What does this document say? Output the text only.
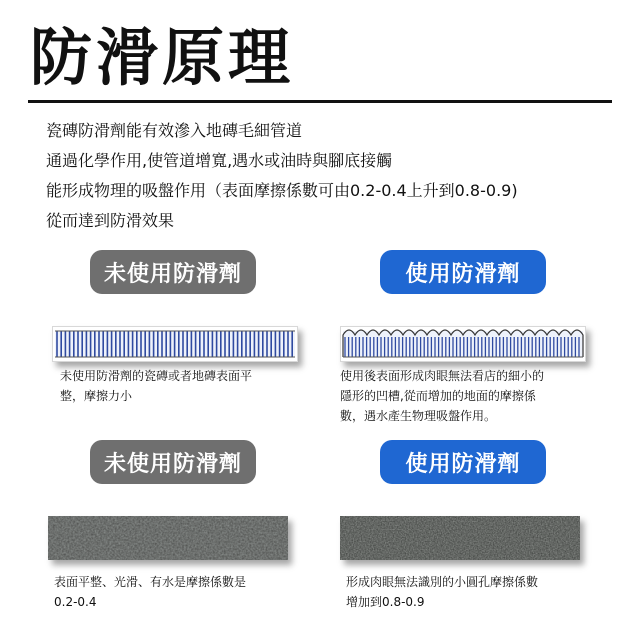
防滑原理
瓷磚防滑劑能有效滲入地磚毛細管道
通過化學作用,使管道增寬,遇水或油時與腳底接觸
能形成物理的吸盤作用（表面摩擦係數可由0.2-0.4上升到0.8-0.9)
從而達到防滑效果
未使用防滑劑	使用防滑劑
未使用防滑劑的瓷磚或者地磚表面平
整，摩擦力小
使用後表面形成肉眼無法看店的細小的
隱形的凹槽,從而增加的地面的摩擦係
數，遇水產生物理吸盤作用。
未使用防滑劑	使用防滑劑
表面平整、光滑、有水是摩擦係數是
0.2-0.4
形成肉眼無法識別的小圓孔摩擦係數
增加到0.8-0.9
